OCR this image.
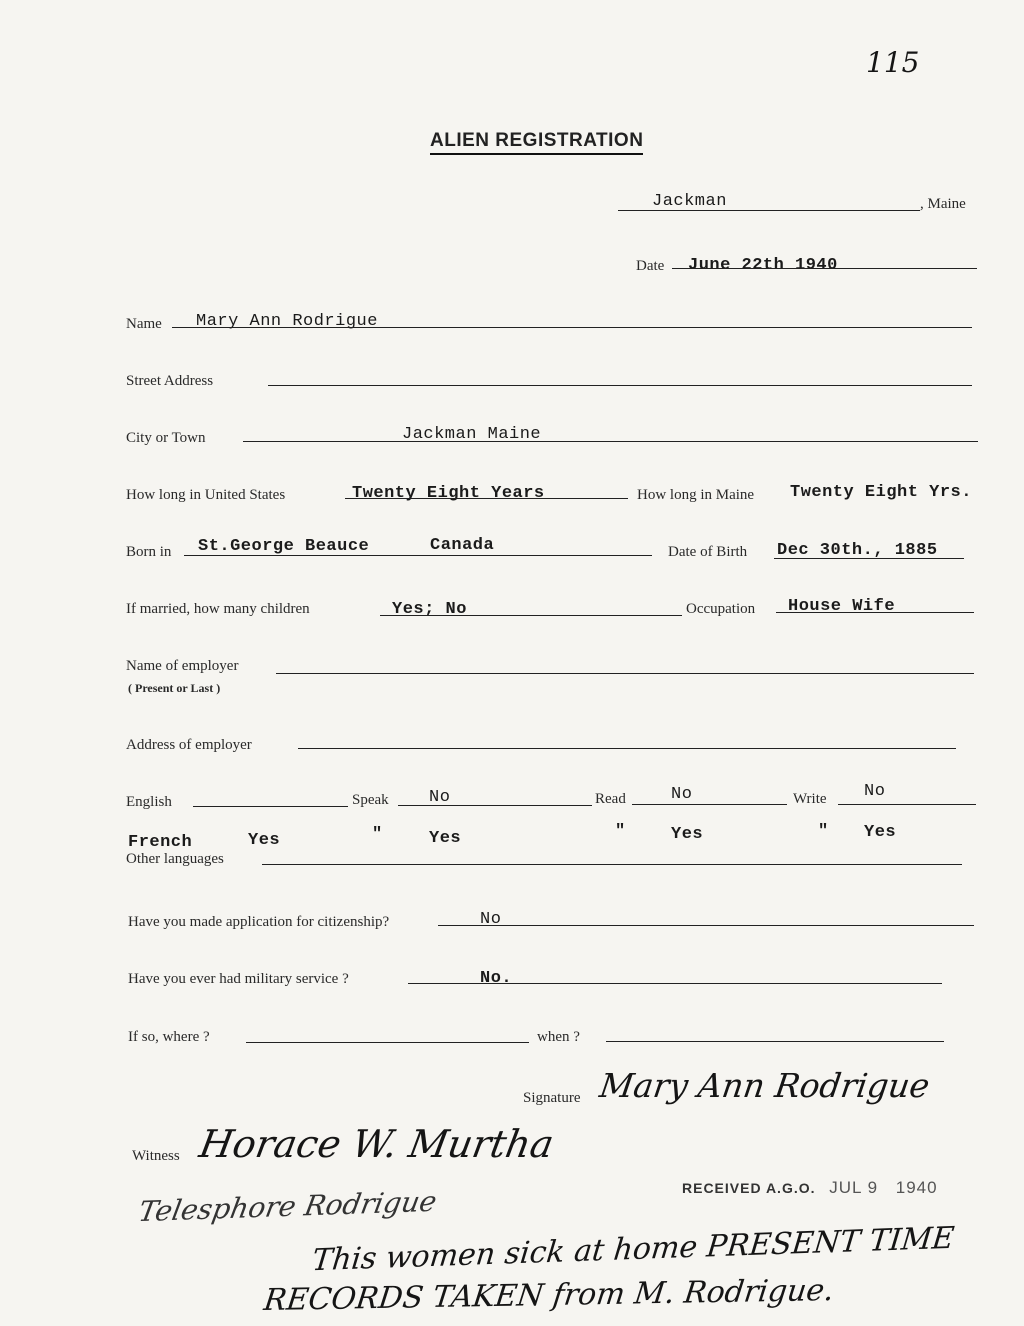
115
ALIEN REGISTRATION
Jackman	, Maine
Date June 22th 1940
Name Mary Ann Rodrigue
Street Address
City or Town	Jackman Maine
How long in United States	Twenty Eight Years	How long in Maine Twenty Eight Yrs.
Born in St.George Beauce	Canada	Date of Birth Dec 30th., 1885
If married, how many children	Yes; No	Occupation House Wife
Name of employer
( Present or Last )
Address of employer
English	Speak No	Read	No	Write No
French	Yes	"	Yes	"	Yes	" Yes
Other languages
Have you made application for citizenship?	No
Have you ever had military service ?	No.
If so, where ?	when ?
Signature Mary Ann Rodrigue
Witness Horace W. Murtha
RECEIVED A.G.O. JUL 9 1940
Telesphore Rodrigue
This women sick at home PRESENT TIME
RECORDS TAKEN from M. Rodrigue.
